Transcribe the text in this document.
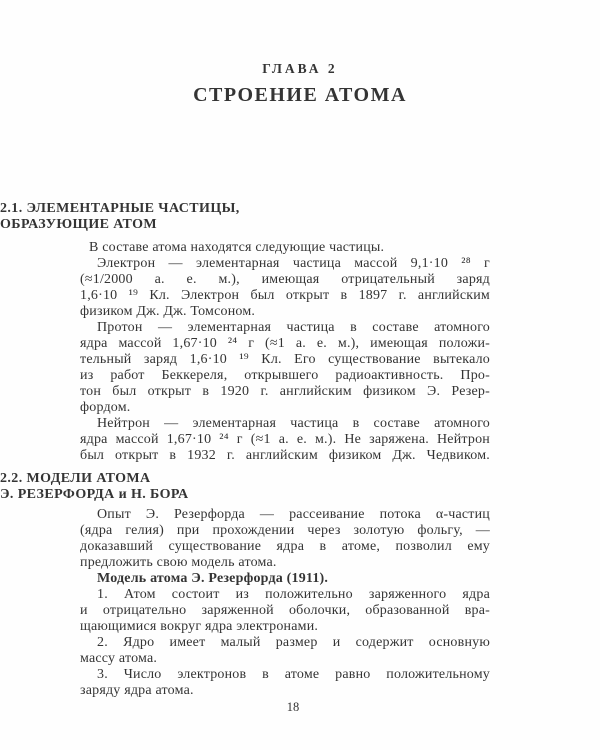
ГЛАВА 2
СТРОЕНИЕ АТОМА
2.1. ЭЛЕМЕНТАРНЫЕ ЧАСТИЦЫ,
ОБРАЗУЮЩИЕ АТОМ
В составе атома находятся следующие частицы.
Электрон — элементарная частица массой 9,1·10 ²⁸ г
(≈1/2000 а. е. м.), имеющая отрицательный заряд
1,6·10 ¹⁹ Кл. Электрон был открыт в 1897 г. английским
физиком Дж. Дж. Томсоном.
Протон — элементарная частица в составе атомного
ядра массой 1,67·10 ²⁴ г (≈1 а. е. м.), имеющая положи-
тельный заряд 1,6·10 ¹⁹ Кл. Его существование вытекало
из работ Беккереля, открывшего радиоактивность. Про-
тон был открыт в 1920 г. английским физиком Э. Резер-
фордом.
Нейтрон — элементарная частица в составе атомного
ядра массой 1,67·10 ²⁴ г (≈1 а. е. м.). Не заряжена. Нейтрон
был открыт в 1932 г. английским физиком Дж. Чедвиком.
2.2. МОДЕЛИ АТОМА
Э. РЕЗЕРФОРДА и Н. БОРА
Опыт Э. Резерфорда — рассеивание потока α-частиц
(ядра гелия) при прохождении через золотую фольгу, —
доказавший существование ядра в атоме, позволил ему
предложить свою модель атома.
Модель атома Э. Резерфорда (1911).
1. Атом состоит из положительно заряженного ядра
и отрицательно заряженной оболочки, образованной вра-
щающимися вокруг ядра электронами.
2. Ядро имеет малый размер и содержит основную
массу атома.
3. Число электронов в атоме равно положительному
заряду ядра атома.
18
